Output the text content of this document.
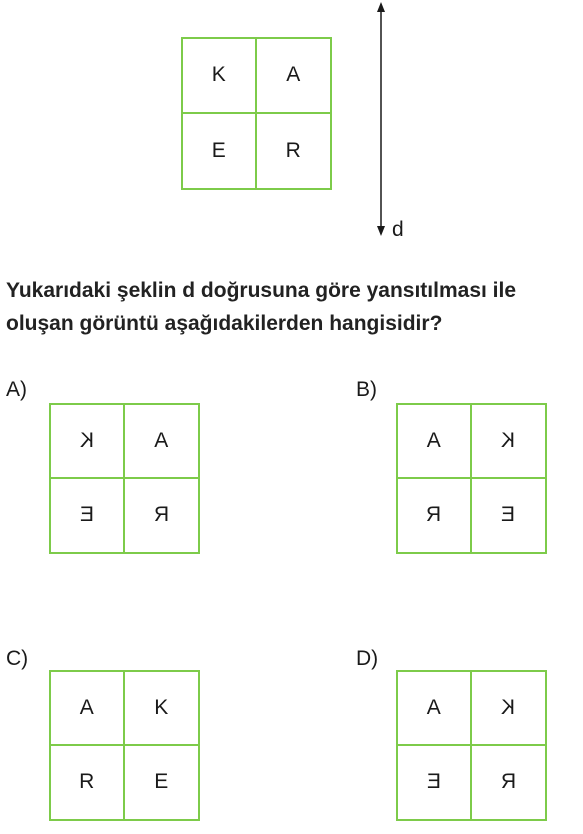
K	A
E	R
d
Yukarıdaki şeklin d doğrusuna göre yansıtılması ile
oluşan görüntü aşağıdakilerden hangisidir?
A)
K	A
E	R
B)
A	K
R	E
C)
A	K
R	E
D)
A	K
E	R
